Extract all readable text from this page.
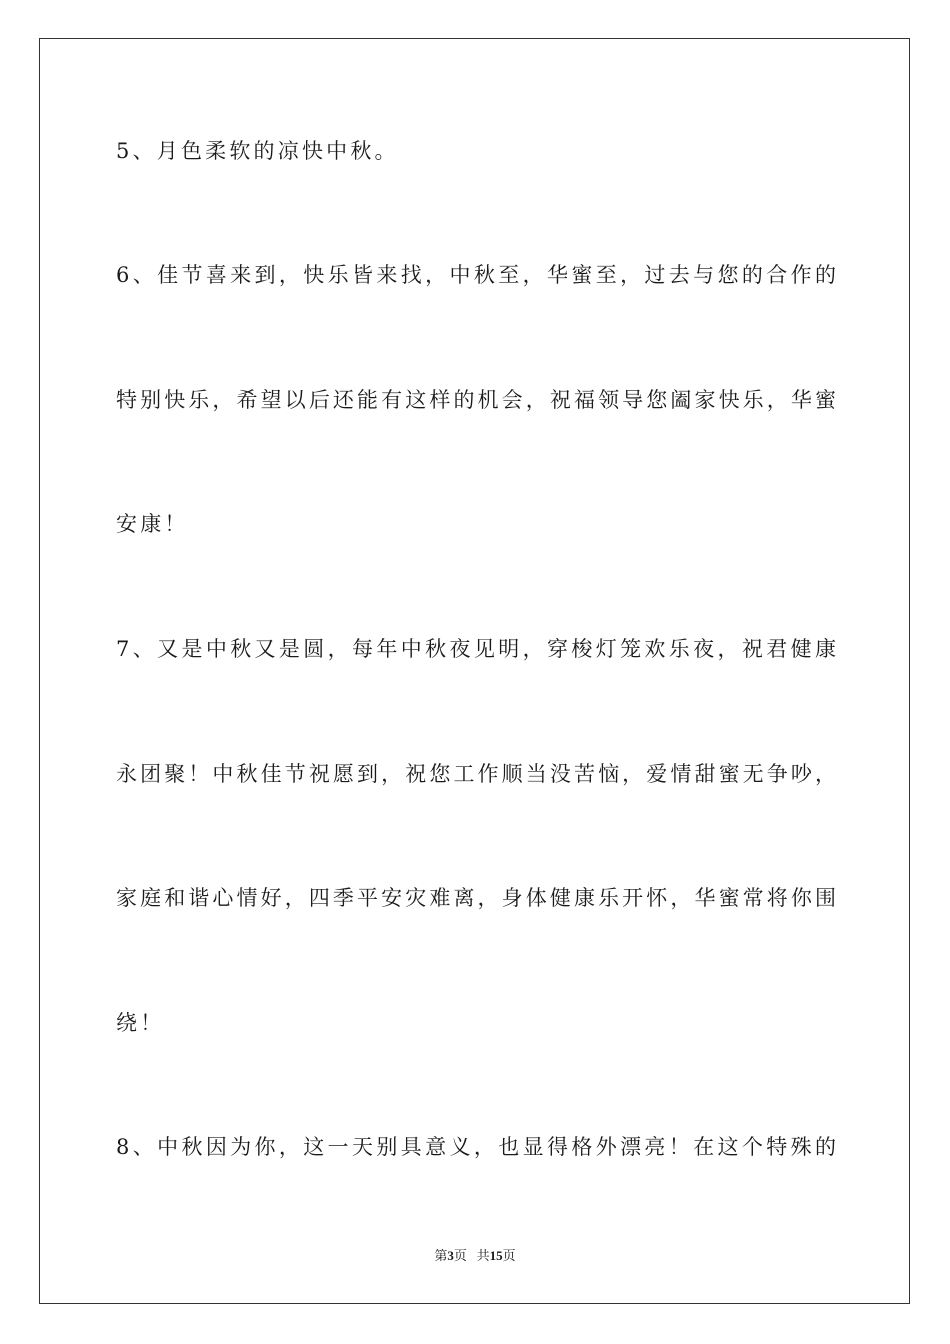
5、月色柔软的凉快中秋。
6、佳节喜来到，快乐皆来找，中秋至，华蜜至，过去与您的合作的
特别快乐，希望以后还能有这样的机会，祝福领导您阖家快乐，华蜜
安康！
7、又是中秋又是圆，每年中秋夜见明，穿梭灯笼欢乐夜，祝君健康
永团聚！中秋佳节祝愿到，祝您工作顺当没苦恼，爱情甜蜜无争吵，
家庭和谐心情好，四季平安灾难离，身体健康乐开怀，华蜜常将你围
绕！
8、中秋因为你，这一天别具意义，也显得格外漂亮！在这个特殊的
第3页 共15页
